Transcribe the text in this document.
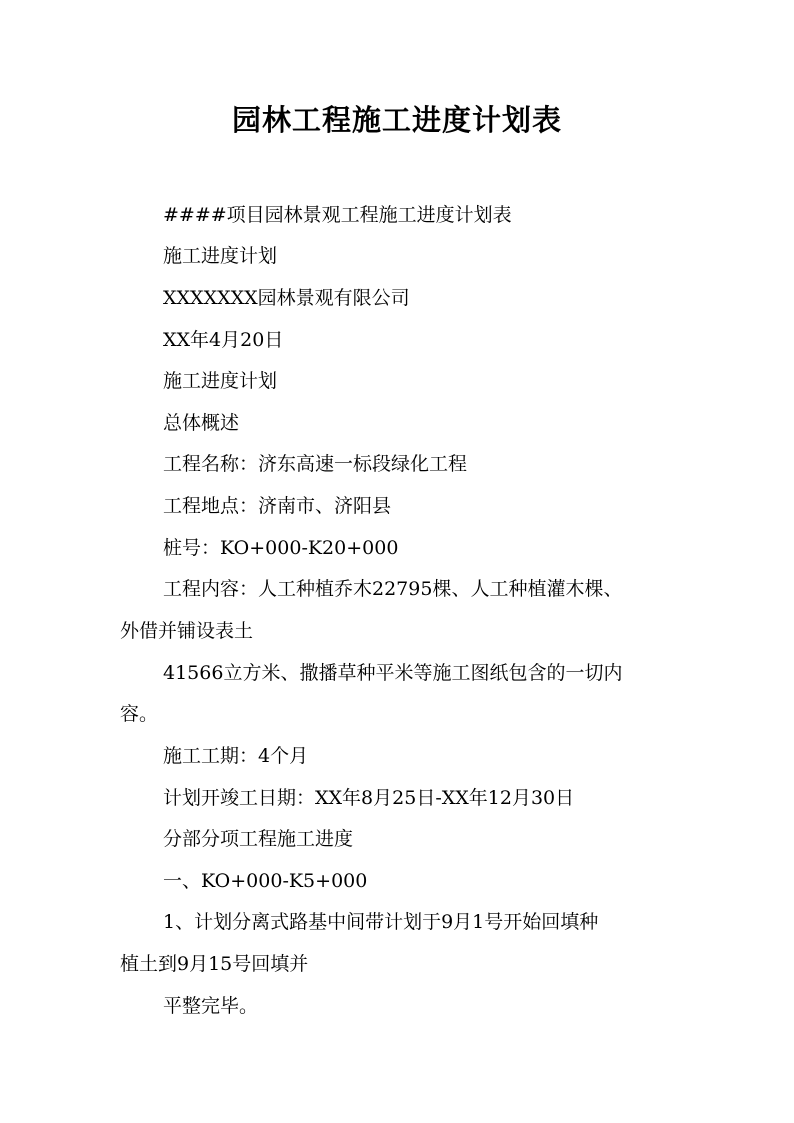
园林工程施工进度计划表
####项目园林景观工程施工进度计划表
施工进度计划
XXXXXXX园林景观有限公司
XX年4月20日
施工进度计划
总体概述
工程名称：济东高速一标段绿化工程
工程地点：济南市、济阳县
桩号：KO+000-K20+000
工程内容：人工种植乔木22795棵、人工种植灌木棵、
外借并铺设表土
41566立方米、撒播草种平米等施工图纸包含的一切内
容。
施工工期：4个月
计划开竣工日期：XX年8月25日-XX年12月30日
分部分项工程施工进度
一、KO+000-K5+000
1、计划分离式路基中间带计划于9月1号开始回填种
植土到9月15号回填并
平整完毕。
